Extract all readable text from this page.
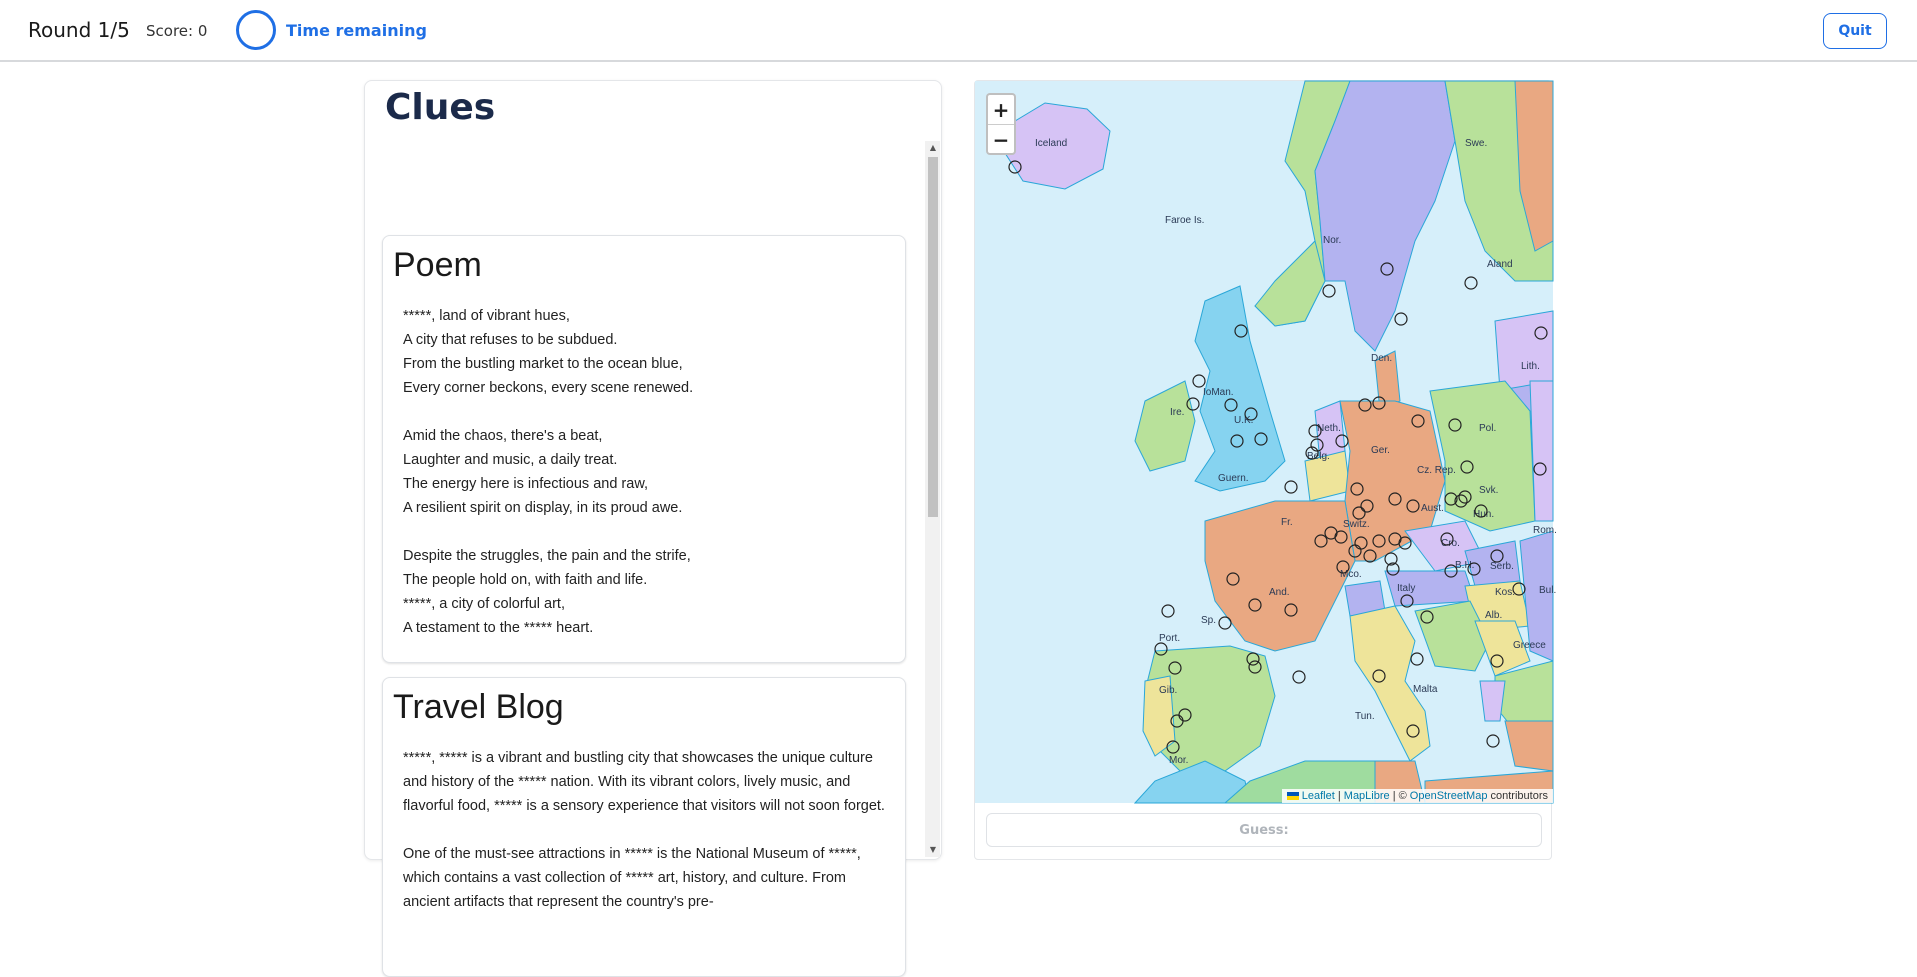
Round 1/5 Score: 0	Time remaining	Quit
Clues
Poem
*****, land of vibrant hues,
A city that refuses to be subdued.
From the bustling market to the ocean blue,
Every corner beckons, every scene renewed.
Amid the chaos, there's a beat,
Laughter and music, a daily treat.
The energy here is infectious and raw,
A resilient spirit on display, in its proud awe.
Despite the struggles, the pain and the strife,
The people hold on, with faith and life.
*****, a city of colorful art,
A testament to the ***** heart.
Travel Blog
*****, ***** is a vibrant and bustling city that showcases the unique culture and history of the ***** nation. With its vibrant colors, lively music, and flavorful food, ***** is a sensory experience that visitors will not soon forget.
One of the must-see attractions in ***** is the National Museum of *****, which contains a vast collection of ***** art, history, and culture. From ancient artifacts that represent the country's pre-
▲
▼
Iceland
Faroe Is.
Nor.
Swe.
Aland
Den.
Lith.
Ire.
IoMan.
U.K.
Neth.
Belg.
Ger.
Pol.
Cz. Rep.
Svk.
Guern.
Fr.
Aust.
Hun.
Switz.
Cro.
Rom.
Serb.
B.H.
Mco.
Italy
And.	Kos. Bul.
Alb.
Port.
Sp.
Greece
Gib.	Malta
Tun.
Mor.
+
−
Leaflet | MapLibre | © OpenStreetMap contributors
Guess:
